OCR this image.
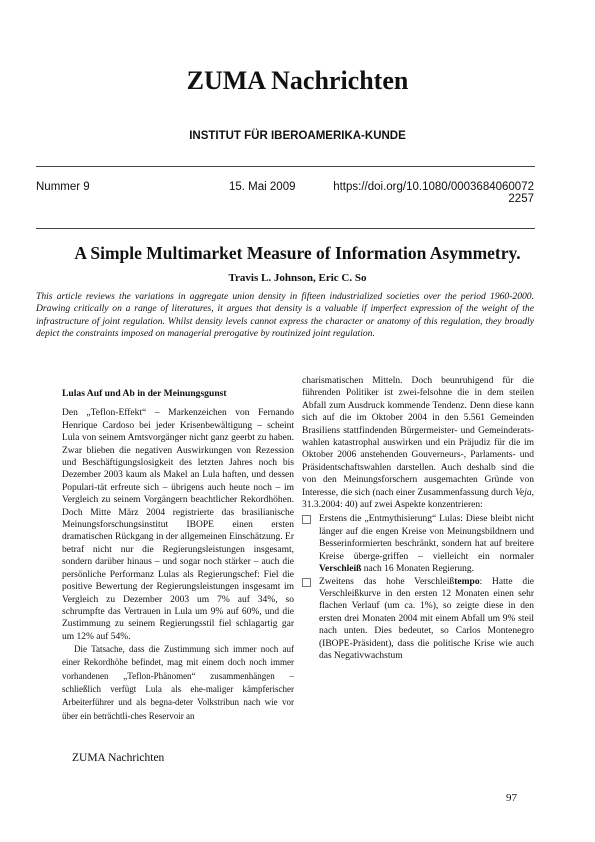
ZUMA Nachrichten
INSTITUT FÜR IBEROAMERIKA-KUNDE
Nummer 9	15. Mai 2009	https://doi.org/10.1080/0003684060072
2257
A Simple Multimarket Measure of Information Asymmetry.
Travis L. Johnson, Eric C. So
This article reviews the variations in aggregate union density in fifteen industrialized societies over the period 1960-2000. Drawing critically on a range of literatures, it argues that density is a valuable if imperfect expression of the weight of the infrastructure of joint regulation. Whilst density levels cannot express the character or anatomy of this regulation, they broadly depict the constraints imposed on managerial prerogative by routinized joint regulation.
Lulas Auf und Ab in der Meinungsgunst

Den „Teflon-Effekt“ – Markenzeichen von Fernando Henrique Cardoso bei jeder Krisenbewältigung – scheint Lula von seinem Amtsvorgänger nicht ganz geerbt zu haben. Zwar blieben die negativen Auswirkungen von Rezession und Beschäftigungslosigkeit des letzten Jahres noch bis Dezember 2003 kaum als Makel an Lula haften, und dessen Populari-tät erfreute sich – übrigens auch heute noch – im Vergleich zu seinem Vorgängern beachtlicher Rekordhöhen. Doch Mitte März 2004 registrierte das brasilianische Meinungsforschungsinstitut IBOPE einen ersten dramatischen Rückgang in der allgemeinen Einschätzung. Er betraf nicht nur die Regierungsleistungen insgesamt, sondern darüber hinaus – und sogar noch stärker – auch die persönliche Performanz Lulas als Regierungschef: Fiel die positive Bewertung der Regierungsleistungen insgesamt im Vergleich zu Dezember 2003 um 7% auf 34%, so schrumpfte das Vertrauen in Lula um 9% auf 60%, und die Zustimmung zu seinem Regierungsstil fiel schlagartig gar um 12% auf 54%.

Die Tatsache, dass die Zustimmung sich immer noch auf einer Rekordhöhe befindet, mag mit einem doch noch immer vorhandenen „Teflon-Phänomen“ zusammenhängen – schließlich verfügt Lula als ehe-maliger kämpferischer Arbeiterführer und als begna-deter Volkstribun nach wie vor über ein beträchtli-ches Reservoir an

charismatischen Mitteln. Doch beunruhigend für die führenden Politiker ist zwei-felsohne die in dem steilen Abfall zum Ausdruck kommende Tendenz. Denn diese kann sich auf die im Oktober 2004 in den 5.561 Gemeinden Brasiliens stattfindenden Bürgermeister- und Gemeinderats-wahlen katastrophal auswirken und ein Präjudiz für die im Oktober 2006 anstehenden Gouverneurs-, Parlaments- und Präsidentschaftswahlen darstellen. Auch deshalb sind die von den Meinungsforschern ausgemachten Gründe von Interesse, die sich (nach einer Zusammenfassung durch Veja, 31.3.2004: 40) auf zwei Aspekte konzentrieren:

Erstens die „Entmythisierung“ Lulas: Diese bleibt nicht länger auf die engen Kreise von Meinungsbildnern und Besserinformierten beschränkt, sondern hat auf breitere Kreise überge-griffen – vielleicht ein normaler Verschleiß nach 16 Monaten Regierung.
Zweitens das hohe Verschleißtempo: Hatte die Verschleißkurve in den ersten 12 Monaten einen sehr flachen Verlauf (um ca. 1%), so zeigte diese in den ersten drei Monaten 2004 mit einem Abfall um 9% steil nach unten. Dies bedeutet, so Carlos Montenegro (IBOPE-Präsident), dass die politische Krise wie auch das Negativwachstum
ZUMA Nachrichten
97
